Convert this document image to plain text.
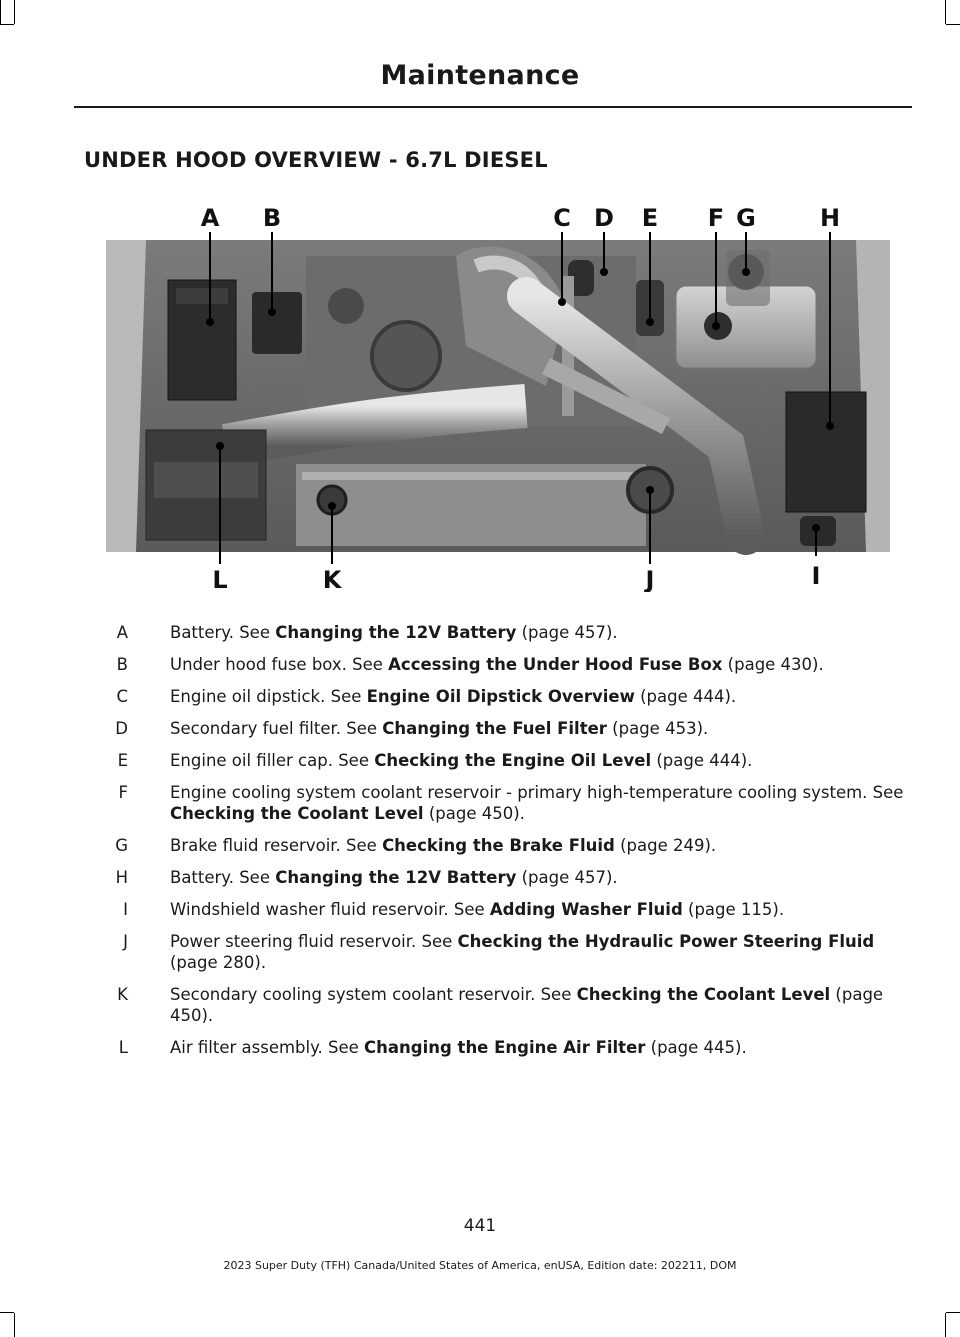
Maintenance
UNDER HOOD OVERVIEW - 6.7L DIESEL
A B	C D E F G	H
L	K	J	I
A	Battery. See Changing the 12V Battery (page 457).
B	Under hood fuse box. See Accessing the Under Hood Fuse Box (page 430).
C	Engine oil dipstick. See Engine Oil Dipstick Overview (page 444).
D	Secondary fuel filter. See Changing the Fuel Filter (page 453).
E	Engine oil filler cap. See Checking the Engine Oil Level (page 444).
F	Engine cooling system coolant reservoir - primary high-temperature cooling system. See Checking the Coolant Level (page 450).
G	Brake fluid reservoir. See Checking the Brake Fluid (page 249).
H	Battery. See Changing the 12V Battery (page 457).
I	Windshield washer fluid reservoir. See Adding Washer Fluid (page 115).
J	Power steering fluid reservoir. See Checking the Hydraulic Power Steering Fluid (page 280).
K	Secondary cooling system coolant reservoir. See Checking the Coolant Level (page 450).
L	Air filter assembly. See Changing the Engine Air Filter (page 445).
441
2023 Super Duty (TFH) Canada/United States of America, enUSA, Edition date: 202211, DOM
